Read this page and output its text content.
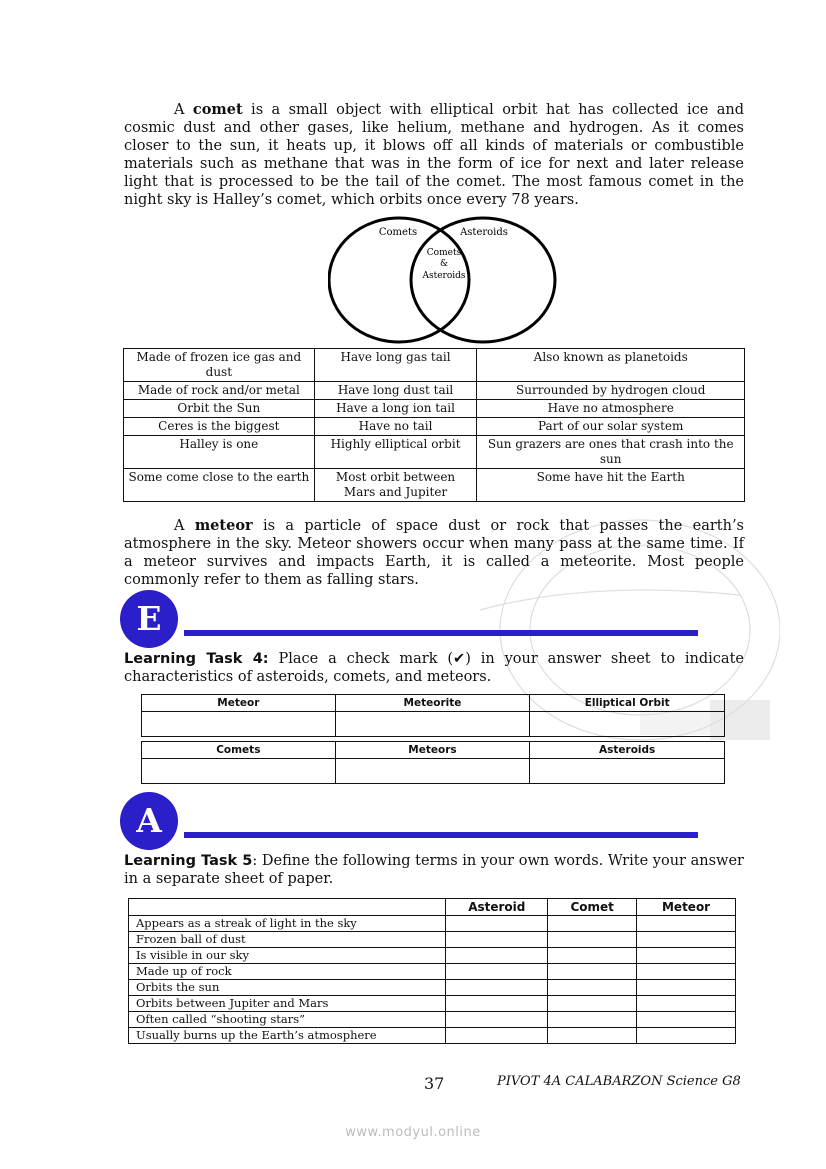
A comet is a small object with elliptical orbit hat has collected ice and cosmic dust and other gases, like helium, methane and hydrogen. As it comes closer to the sun, it heats up, it blows off all kinds of materials or combustible materials such as methane that was in the form of ice for next and later release light that is processed to be the tail of the comet. The most famous comet in the night sky is Halley’s comet, which orbits once every 78 years.
Comets	Asteroids
Comets
&
Asteroids
Made of frozen ice gas and dust	Have long gas tail	Also known as planetoids
Made of rock and/or metal	Have long dust tail	Surrounded by hydrogen cloud
Orbit the Sun	Have a long ion tail	Have no atmosphere
Ceres is the biggest	Have no tail	Part of our solar system
Halley is one	Highly elliptical orbit	Sun grazers are ones that crash into the sun
Some come close to the earth	Most orbit between Mars and Jupiter	Some have hit the Earth
A meteor is a particle of space dust or rock that passes the earth’s atmosphere in the sky. Meteor showers occur when many pass at the same time. If a meteor survives and impacts Earth, it is called a meteorite. Most people commonly refer to them as falling stars.
E
Learning Task 4: Place a check mark (✔) in your answer sheet to indicate characteristics of asteroids, comets, and meteors.
Meteor	Meteorite	Elliptical Orbit

Comets	Meteors	Asteroids

A
Learning Task 5: Define the following terms in your own words. Write your answer in a separate sheet of paper.
	Asteroid	Comet	Meteor
Appears as a streak of light in the sky			
Frozen ball of dust			
Is visible in our sky			
Made up of rock			
Orbits the sun			
Orbits between Jupiter and Mars			
Often called “shooting stars”			
Usually burns up the Earth’s atmosphere			
37	PIVOT 4A CALABARZON Science G8
www.modyul.online
